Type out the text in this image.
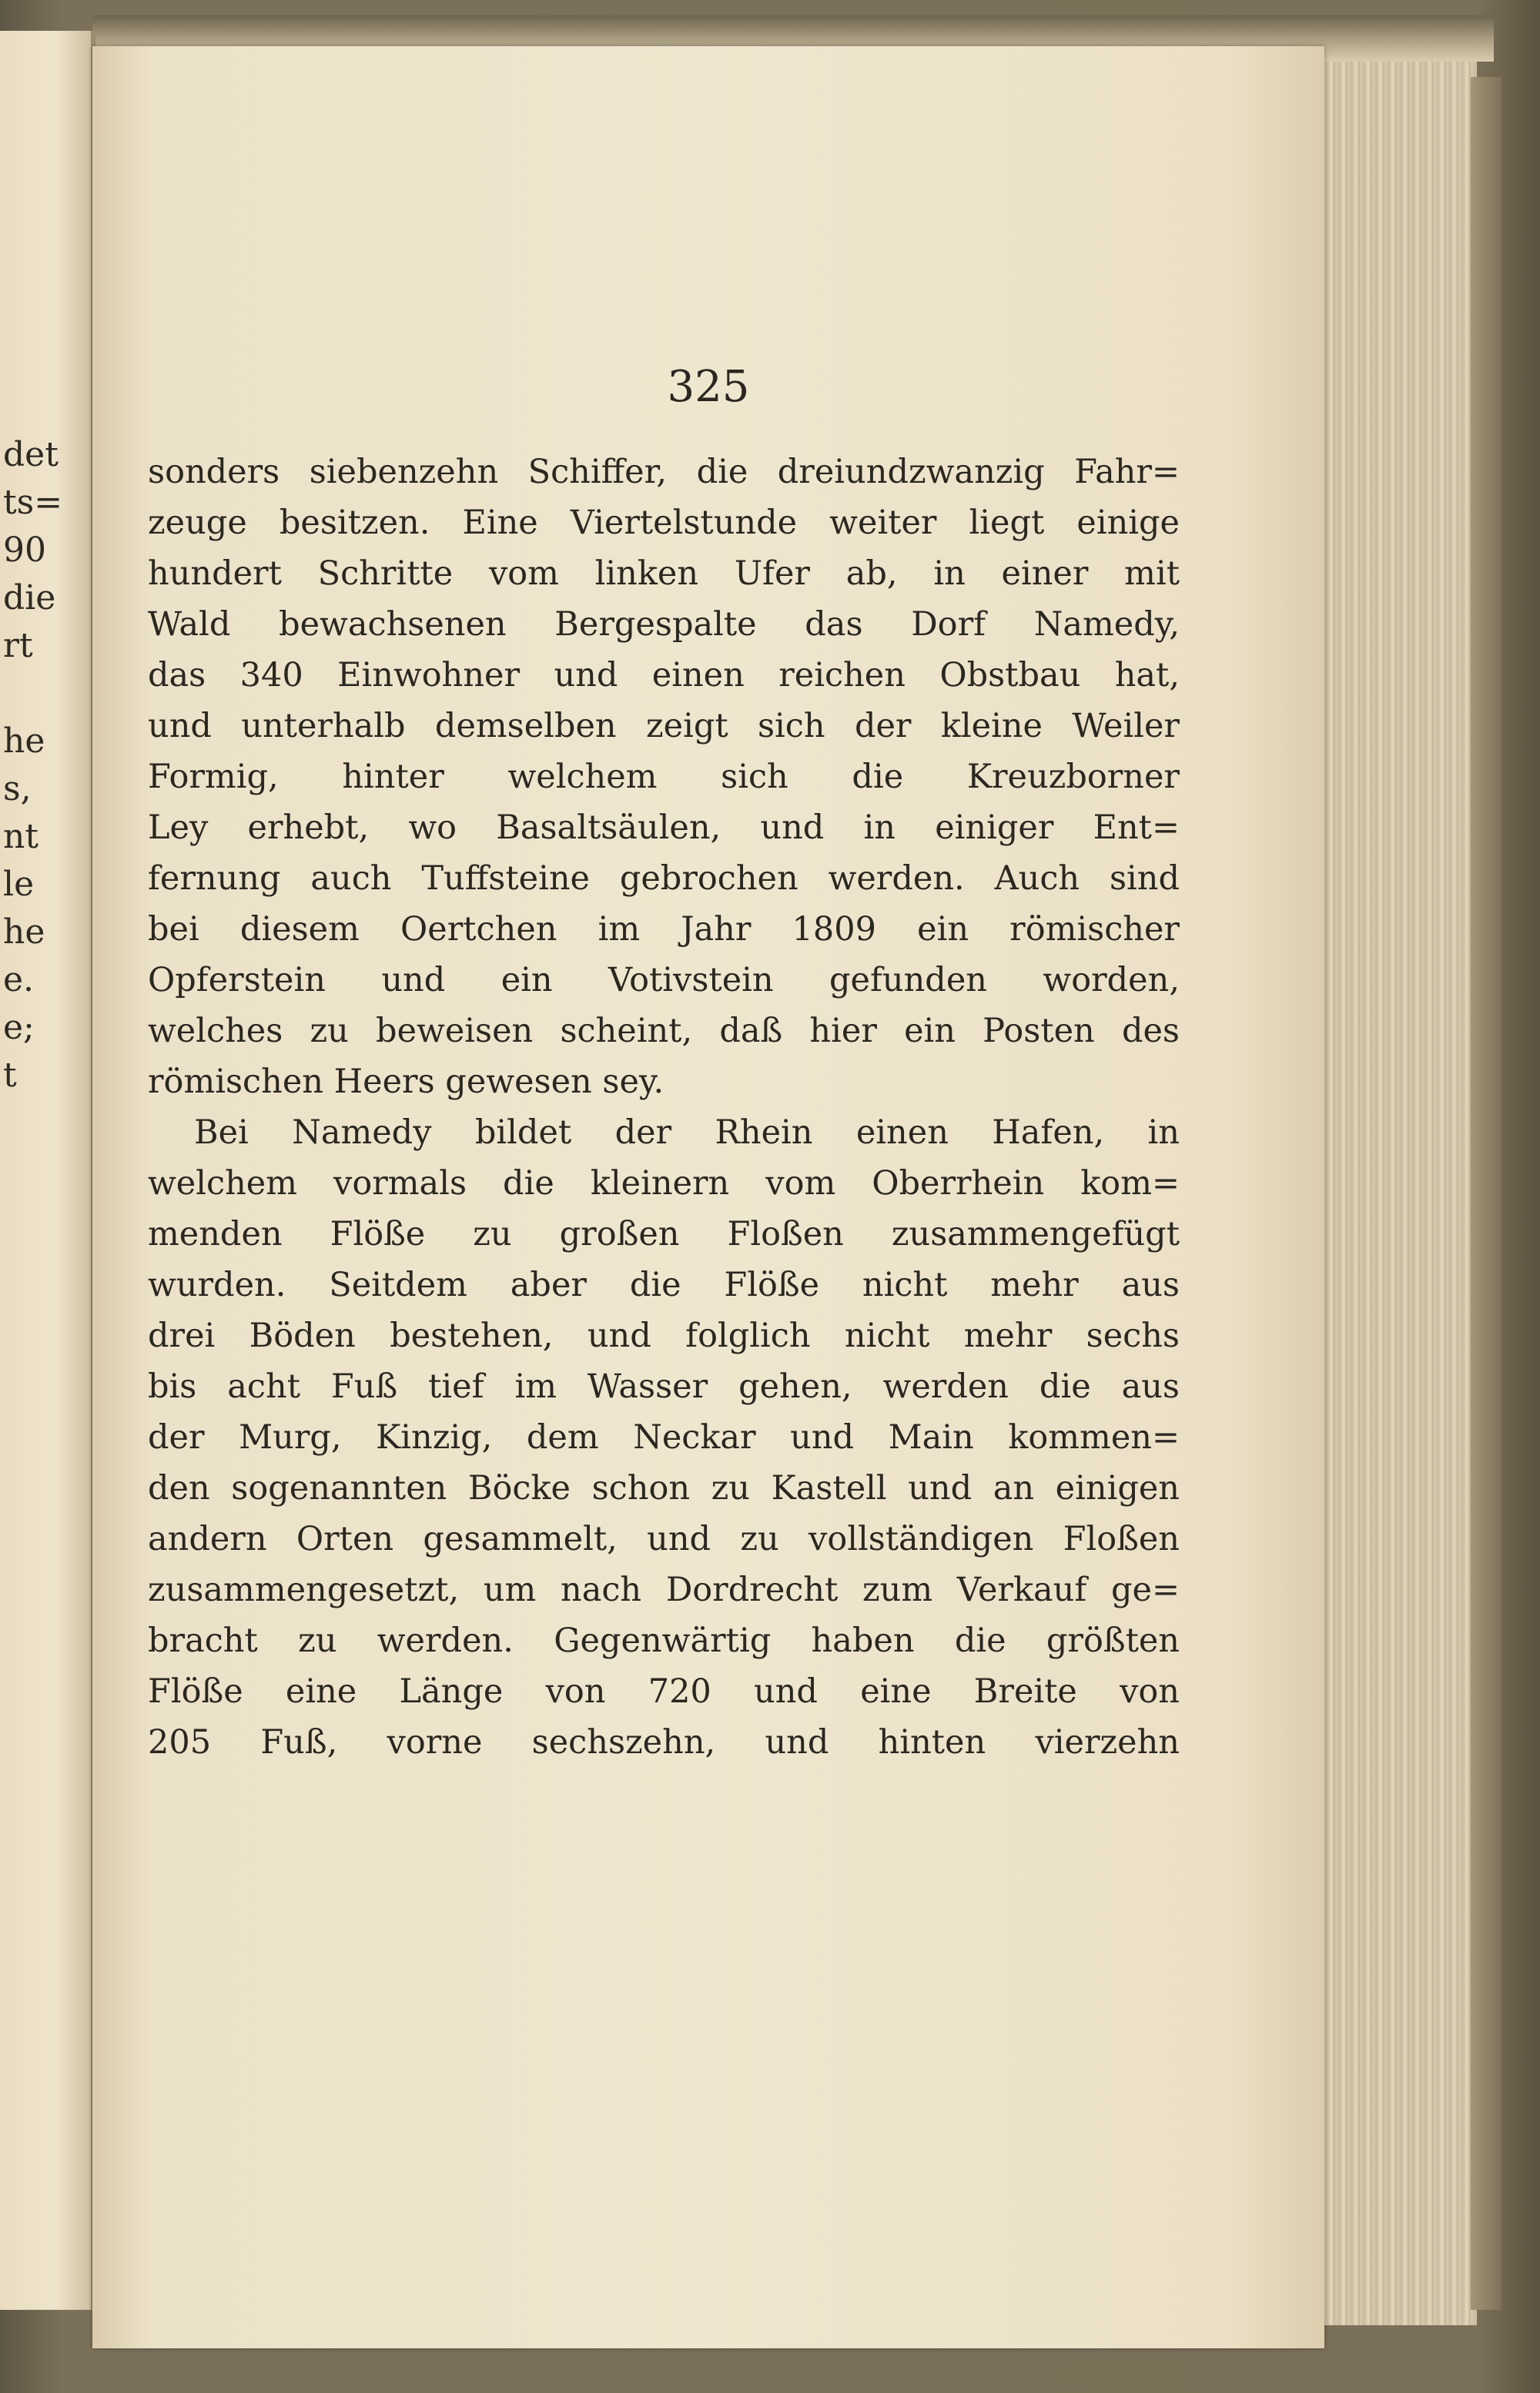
det
ts=
90
die
rt
he
s,
nt
le
he
e.
e;
t
325
sonders siebenzehn Schiffer, die dreiundzwanzig Fahr=
zeuge besitzen. Eine Viertelstunde weiter liegt einige
hundert Schritte vom linken Ufer ab, in einer mit
Wald bewachsenen Bergespalte das Dorf Namedy,
das 340 Einwohner und einen reichen Obstbau hat,
und unterhalb demselben zeigt sich der kleine Weiler
Formig, hinter welchem sich die Kreuzborner
Ley erhebt, wo Basaltsäulen, und in einiger Ent=
fernung auch Tuffsteine gebrochen werden. Auch sind
bei diesem Oertchen im Jahr 1809 ein römischer
Opferstein und ein Votivstein gefunden worden,
welches zu beweisen scheint, daß hier ein Posten des
römischen Heers gewesen sey.
Bei Namedy bildet der Rhein einen Hafen, in
welchem vormals die kleinern vom Oberrhein kom=
menden Flöße zu großen Floßen zusammengefügt
wurden. Seitdem aber die Flöße nicht mehr aus
drei Böden bestehen, und folglich nicht mehr sechs
bis acht Fuß tief im Wasser gehen, werden die aus
der Murg, Kinzig, dem Neckar und Main kommen=
den sogenannten Böcke schon zu Kastell und an einigen
andern Orten gesammelt, und zu vollständigen Floßen
zusammengesetzt, um nach Dordrecht zum Verkauf ge=
bracht zu werden. Gegenwärtig haben die größten
Flöße eine Länge von 720 und eine Breite von
205 Fuß, vorne sechszehn, und hinten vierzehn
